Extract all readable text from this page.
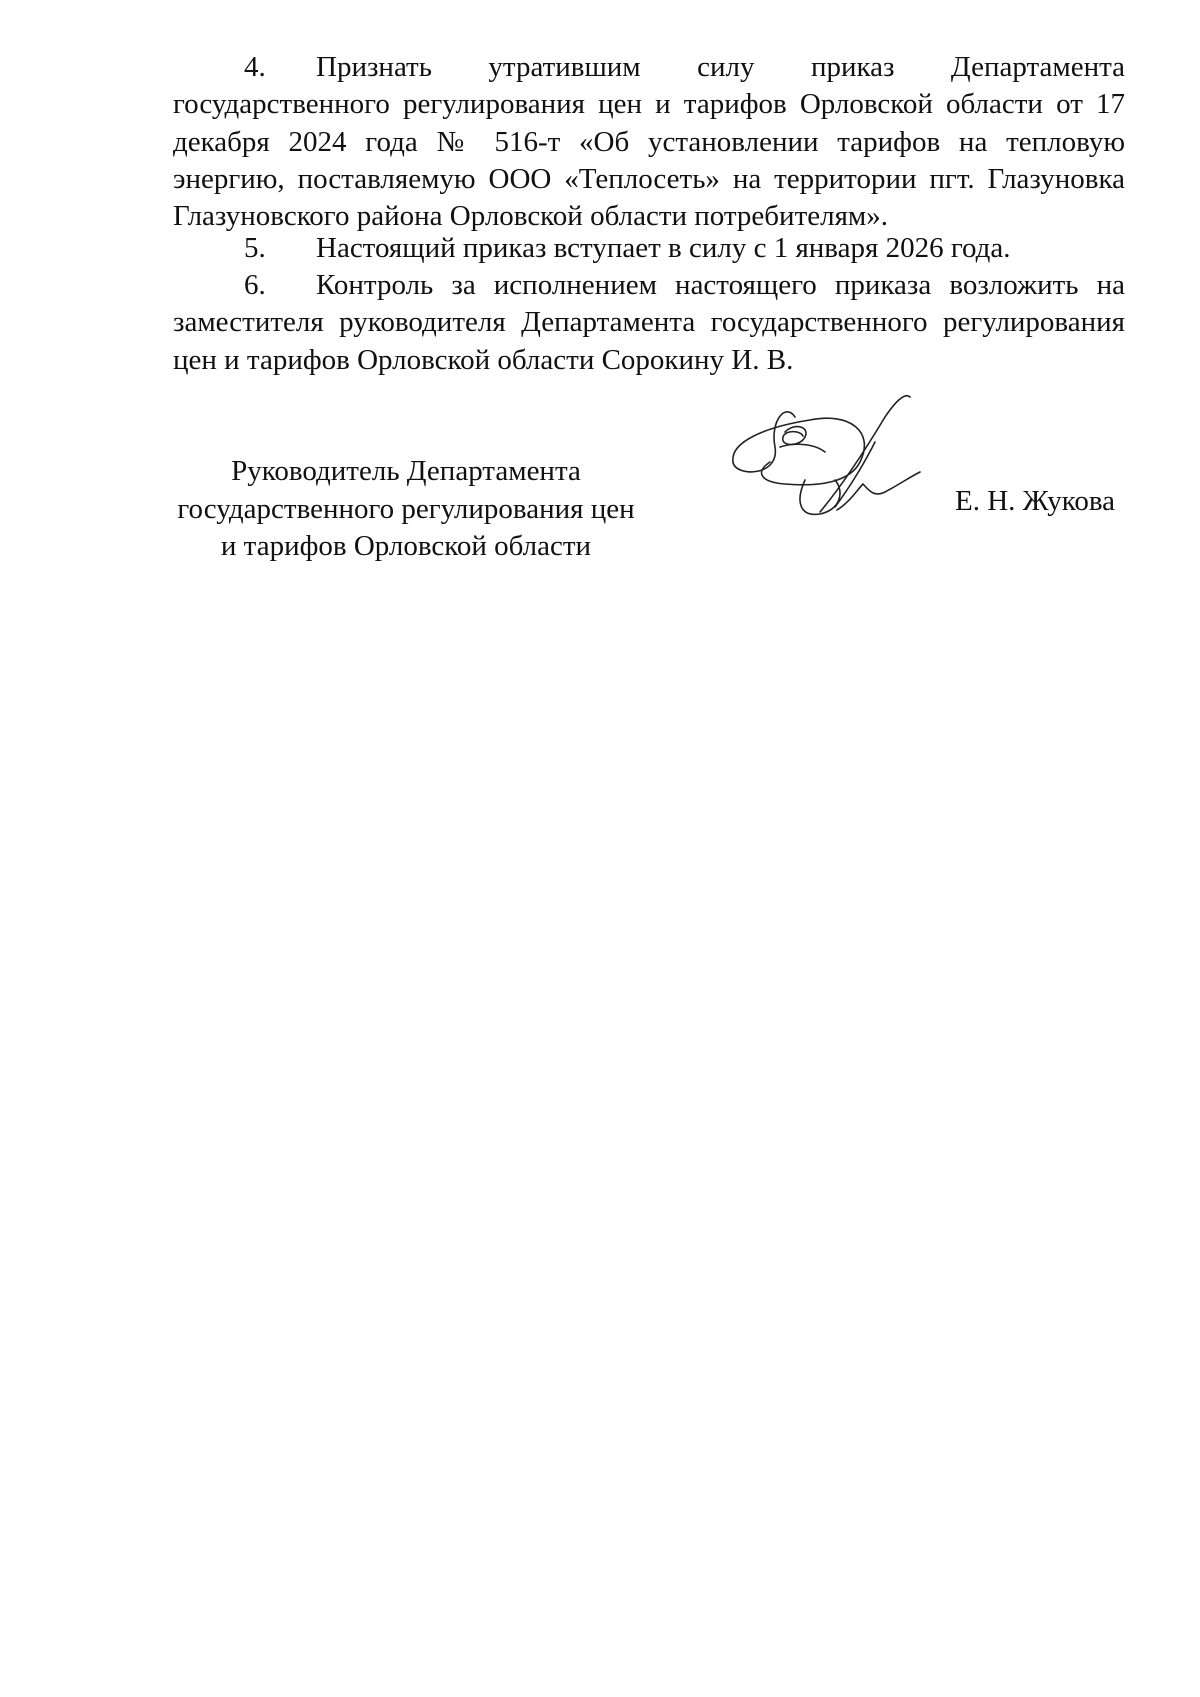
4. Признать утратившим силу приказ Департамента государственного регулирования цен и тарифов Орловской области от 17 декабря 2024 года № 516-т «Об установлении тарифов на тепловую энергию, поставляемую ООО «Теплосеть» на территории пгт. Глазуновка Глазуновского района Орловской области потребителям».

5. Настоящий приказ вступает в силу с 1 января 2026 года.

6. Контроль за исполнением настоящего приказа возложить на заместителя руководителя Департамента государственного регулирования цен и тарифов Орловской области Сорокину И. В.

Руководитель Департамента
государственного регулирования цен
и тарифов Орловской области
Е. Н. Жукова
